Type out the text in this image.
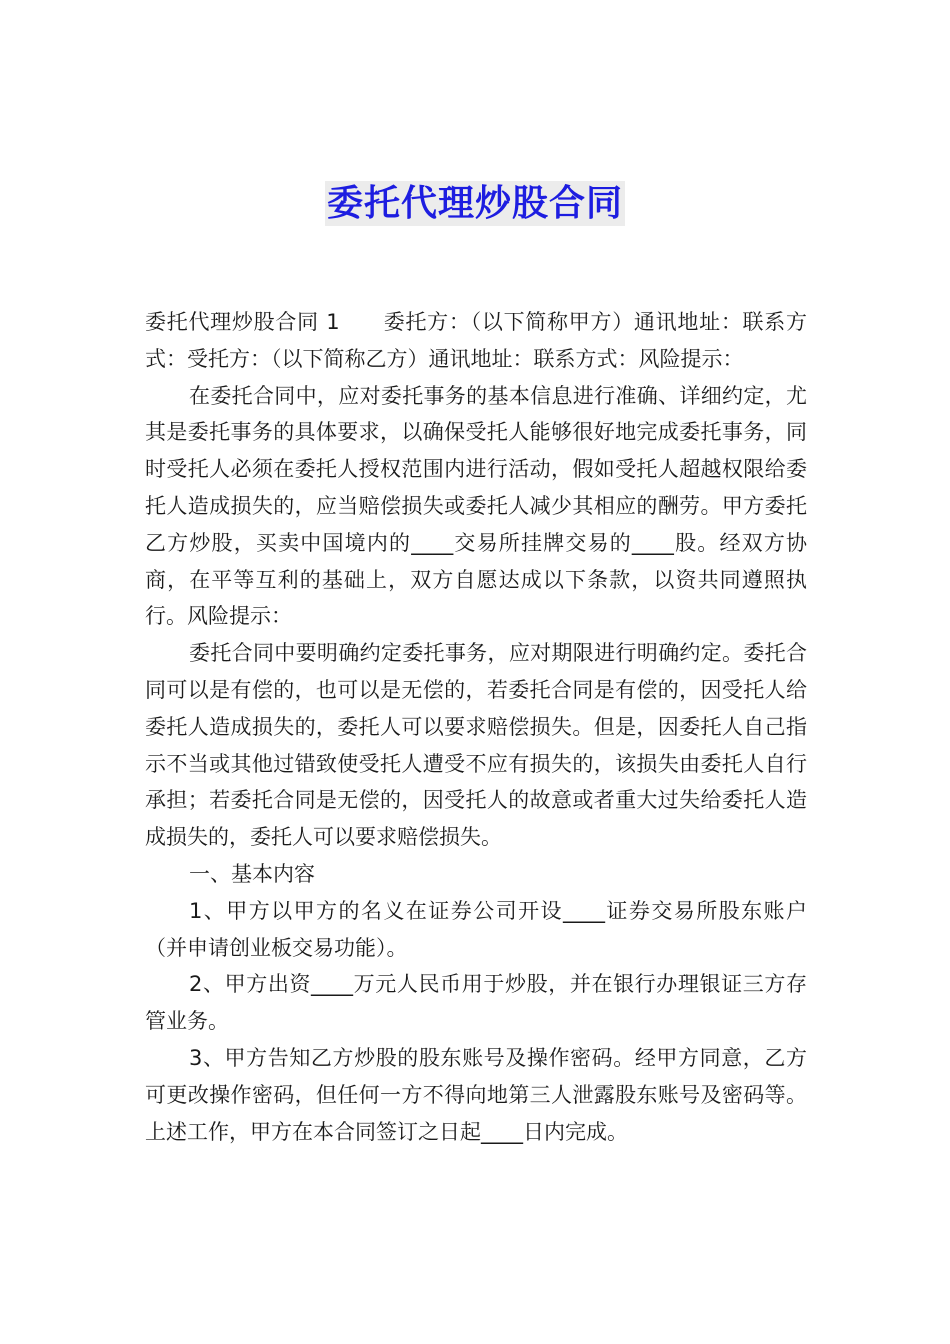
委托代理炒股合同

委托代理炒股合同 1　　委托方：（以下简称甲方）通讯地址：联系方式：受托方：（以下简称乙方）通讯地址：联系方式：风险提示：

在委托合同中，应对委托事务的基本信息进行准确、详细约定，尤其是委托事务的具体要求，以确保受托人能够很好地完成委托事务，同时受托人必须在委托人授权范围内进行活动，假如受托人超越权限给委托人造成损失的，应当赔偿损失或委托人减少其相应的酬劳。甲方委托乙方炒股，买卖中国境内的____交易所挂牌交易的____股。经双方协商，在平等互利的基础上，双方自愿达成以下条款，以资共同遵照执行。风险提示：

委托合同中要明确约定委托事务，应对期限进行明确约定。委托合同可以是有偿的，也可以是无偿的，若委托合同是有偿的，因受托人给委托人造成损失的，委托人可以要求赔偿损失。但是，因委托人自己指示不当或其他过错致使受托人遭受不应有损失的，该损失由委托人自行承担；若委托合同是无偿的，因受托人的故意或者重大过失给委托人造成损失的，委托人可以要求赔偿损失。

一、基本内容

1、甲方以甲方的名义在证券公司开设____证券交易所股东账户（并申请创业板交易功能）。

2、甲方出资____万元人民币用于炒股，并在银行办理银证三方存管业务。

3、甲方告知乙方炒股的股东账号及操作密码。经甲方同意，乙方可更改操作密码，但任何一方不得向地第三人泄露股东账号及密码等。上述工作，甲方在本合同签订之日起____日内完成。
